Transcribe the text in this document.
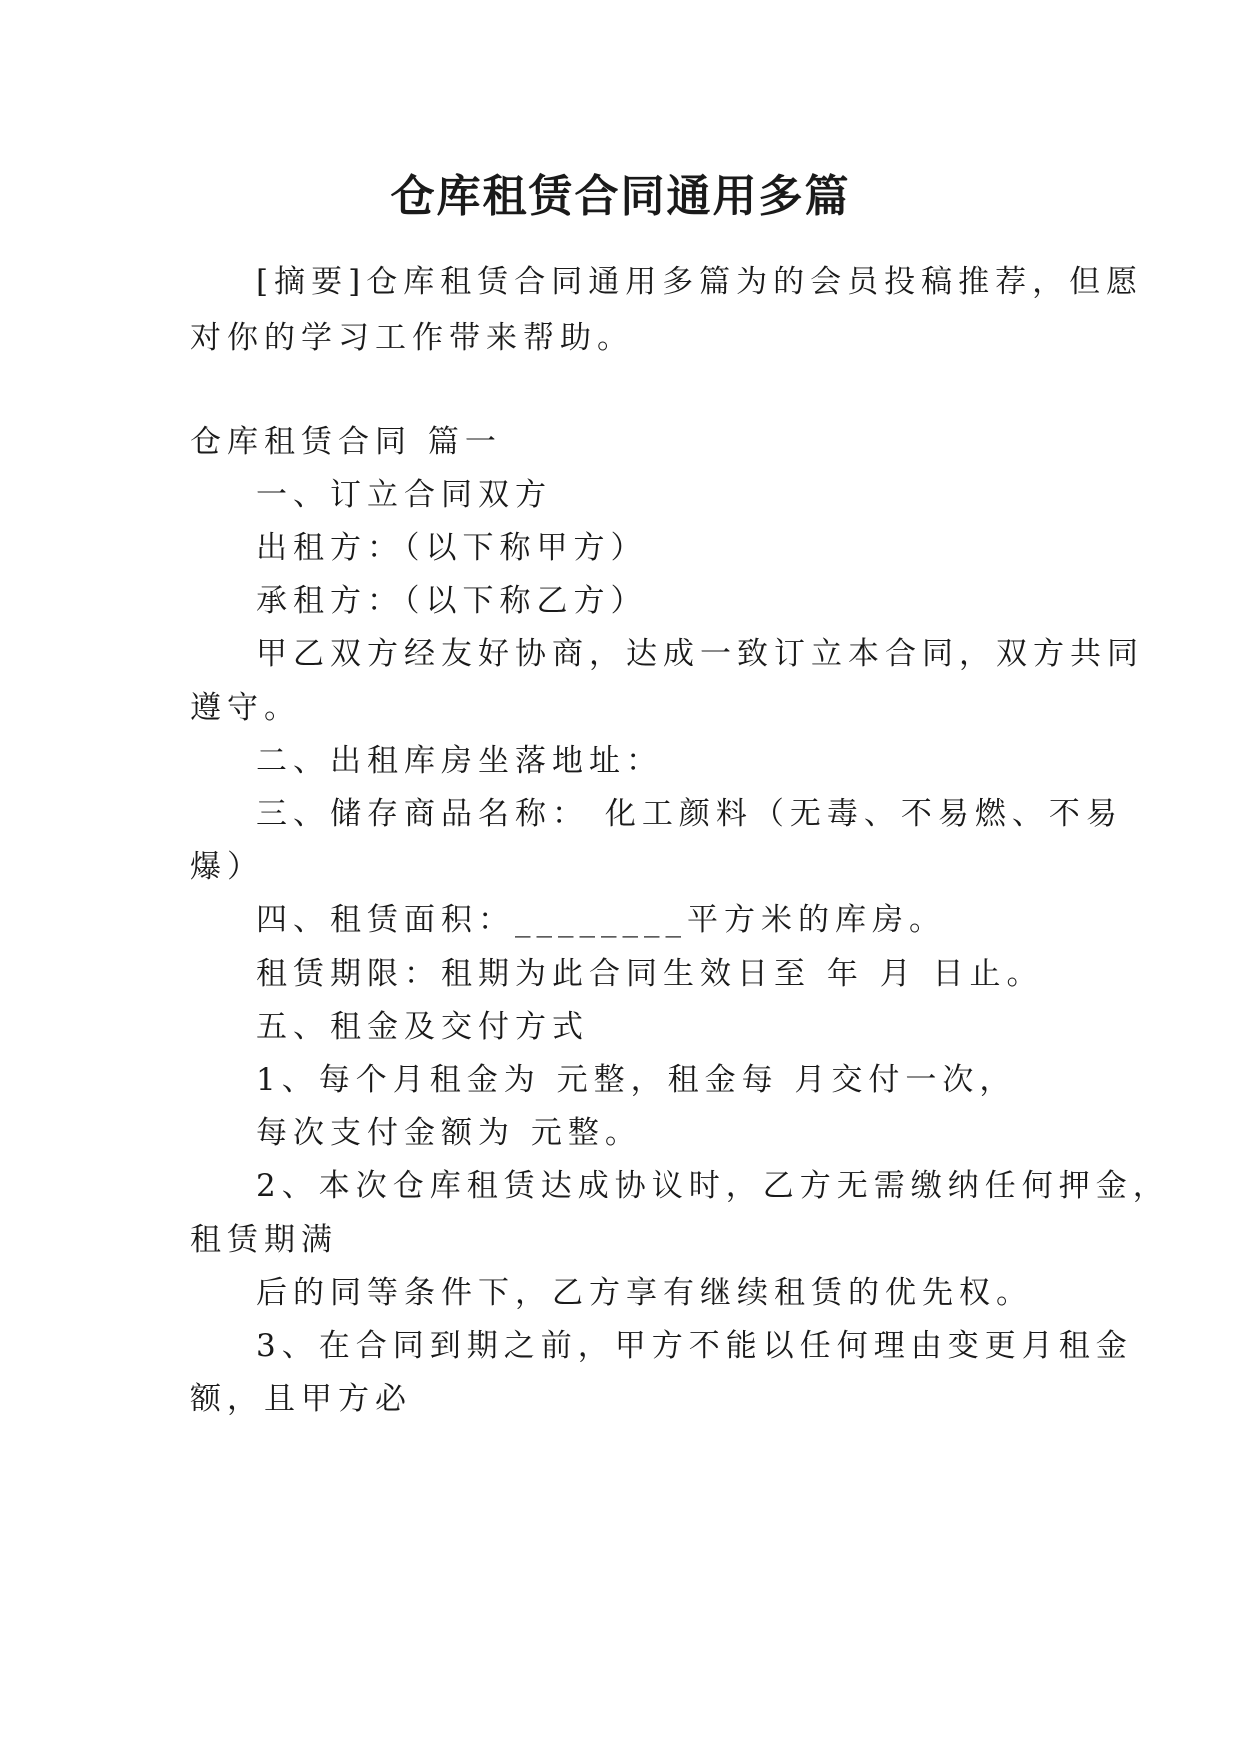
仓库租赁合同通用多篇

[摘要]仓库租赁合同通用多篇为的会员投稿推荐，但愿

对你的学习工作带来帮助。

仓库租赁合同 篇一

一、订立合同双方

出租方：（以下称甲方）

承租方：（以下称乙方）

甲乙双方经友好协商，达成一致订立本合同，双方共同

遵守。

二、出租库房坐落地址：

三、储存商品名称： 化工颜料（无毒、不易燃、不易

爆）

四、租赁面积：________平方米的库房。

租赁期限：租期为此合同生效日至 年 月 日止。

五、租金及交付方式

1、每个月租金为 元整，租金每 月交付一次，

每次支付金额为 元整。

2、本次仓库租赁达成协议时，乙方无需缴纳任何押金，

租赁期满

后的同等条件下，乙方享有继续租赁的优先权。

3、在合同到期之前，甲方不能以任何理由变更月租金

额，且甲方必
